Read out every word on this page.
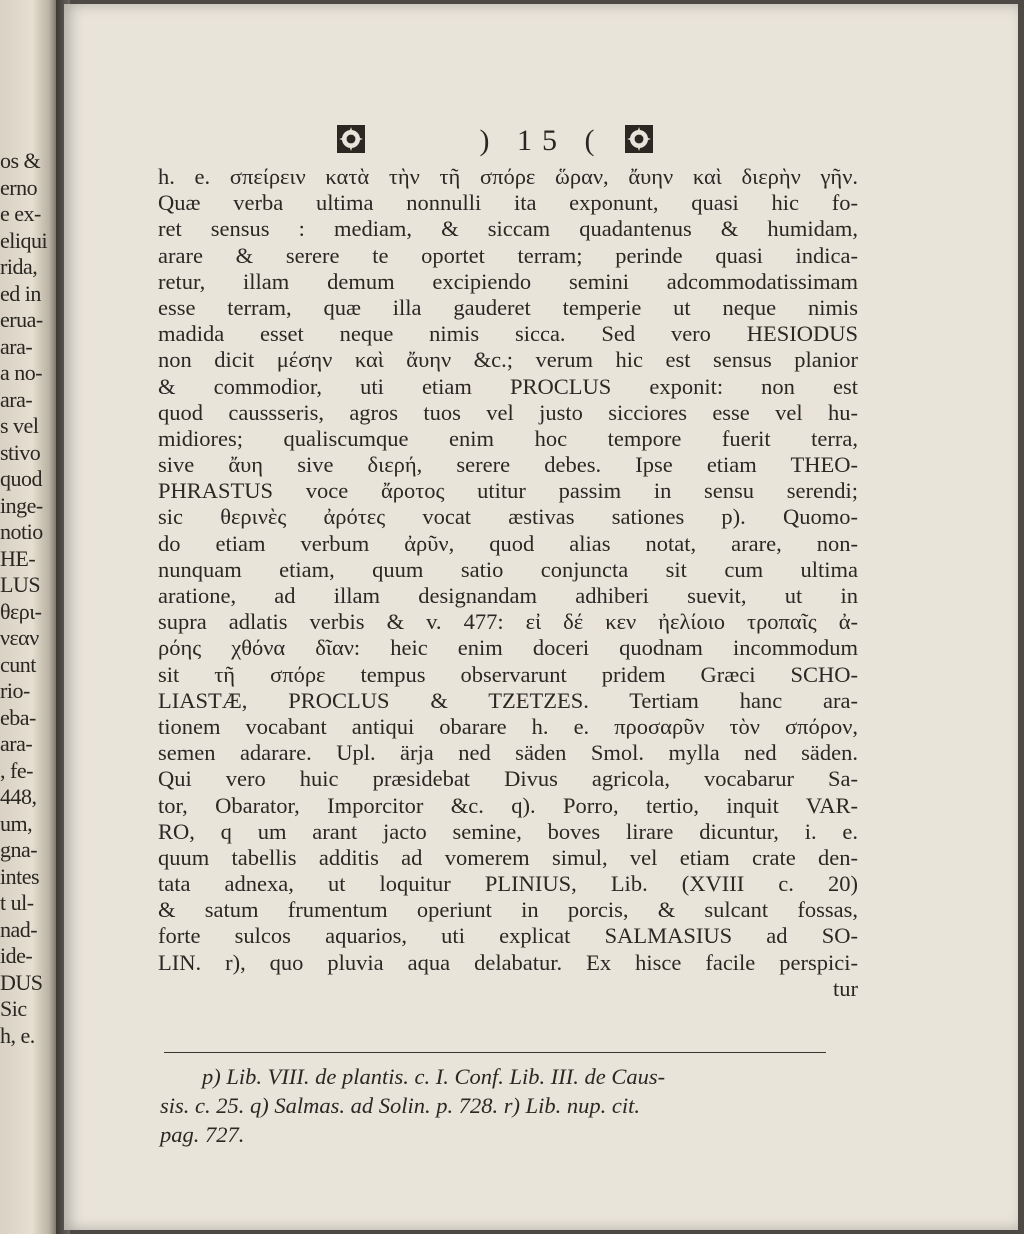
os &
erno
e ex-
eliqui
rida,
ed in
erua-
ara-
a no-
ara-
s vel
stivo
quod
inge-
notio
HE-
LUS
θερι-
νεαν
cunt
rio-
eba-
ara-
, fe-
448,
um,
gna-
intes
t ul-
nad-
ide-
DUS
Sic
h, e.
) 15 (
h. e. σπείρειν κατὰ τὴν τῆ σπόρε ὥραν, ἄυην καὶ διερὴν γῆν.
Quæ verba ultima nonnulli ita exponunt, quasi hic fo-
ret sensus : mediam, & siccam quadantenus & humidam,
arare & serere te oportet terram; perinde quasi indica-
retur, illam demum excipiendo semini adcommodatissimam
esse terram, quæ illa gauderet temperie ut neque nimis
madida esset neque nimis sicca. Sed vero HESIODUS
non dicit μέσην καὶ ἄυην &c.; verum hic est sensus planior
& commodior, uti etiam PROCLUS exponit: non est
quod caussseris, agros tuos vel justo sicciores esse vel hu-
midiores; qualiscumque enim hoc tempore fuerit terra,
sive ἄυη sive διερή, serere debes. Ipse etiam THEO-
PHRASTUS voce ἄροτος utitur passim in sensu serendi;
sic θερινὲς ἀρότες vocat æstivas sationes p). Quomo-
do etiam verbum ἀρῦν, quod alias notat, arare, non-
nunquam etiam, quum satio conjuncta sit cum ultima
aratione, ad illam designandam adhiberi suevit, ut in
supra adlatis verbis & v. 477: εἰ δέ κεν ἠελίοιο τροπαῖς ἀ-
ρόης χθόνα δῖαν: heic enim doceri quodnam incommodum
sit τῆ σπόρε tempus observarunt pridem Græci SCHO-
LIASTÆ, PROCLUS & TZETZES. Tertiam hanc ara-
tionem vocabant antiqui obarare h. e. προσαρῦν τὸν σπόρον,
semen adarare. Upl. ärja ned säden Smol. mylla ned säden.
Qui vero huic præsidebat Divus agricola, vocabarur Sa-
tor, Obarator, Imporcitor &c. q). Porro, tertio, inquit VAR-
RO, q um arant jacto semine, boves lirare dicuntur, i. e.
quum tabellis additis ad vomerem simul, vel etiam crate den-
tata adnexa, ut loquitur PLINIUS, Lib. (XVIII c. 20)
& satum frumentum operiunt in porcis, & sulcant fossas,
forte sulcos aquarios, uti explicat SALMASIUS ad SO-
LIN. r), quo pluvia aqua delabatur. Ex hisce facile perspici-
tur
p) Lib. VIII. de plantis. c. I. Conf. Lib. III. de Caus-
sis. c. 25. q) Salmas. ad Solin. p. 728. r) Lib. nup. cit.
pag. 727.
